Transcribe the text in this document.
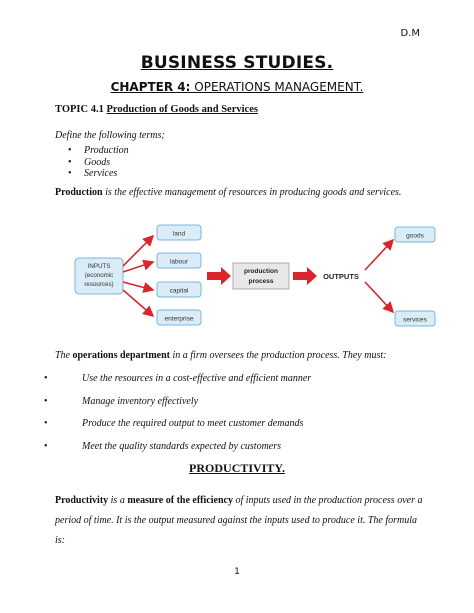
D.M
BUSINESS STUDIES.
CHAPTER 4: OPERATIONS MANAGEMENT.
TOPIC 4.1 Production of Goods and Services
Define the following terms;
• Production
• Goods
• Services
Production is the effective management of resources in producing goods and services.
INPUTS
(economic
resources)
land
labour
capital
enterprise
production
process
OUTPUTS
goods
services
The operations department in a firm oversees the production process. They must:
• Use the resources in a cost-effective and efficient manner
• Manage inventory effectively
• Produce the required output to meet customer demands
• Meet the quality standards expected by customers
PRODUCTIVITY.
Productivity is a measure of the efficiency of inputs used in the production process over a period of time. It is the output measured against the inputs used to produce it. The formula is:
1
